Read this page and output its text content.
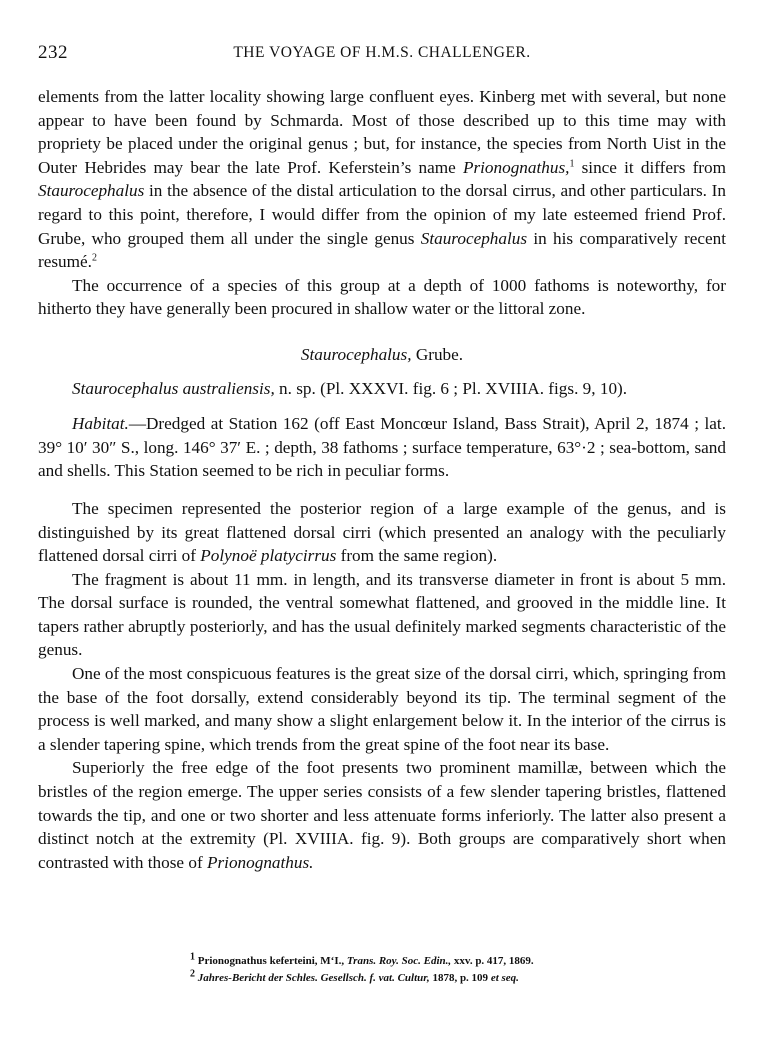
232	THE VOYAGE OF H.M.S. CHALLENGER.

elements from the latter locality showing large confluent eyes. Kinberg met with several, but none appear to have been found by Schmarda. Most of those described up to this time may with propriety be placed under the original genus ; but, for instance, the species from North Uist in the Outer Hebrides may bear the late Prof. Keferstein’s name Prionognathus,$^1$ since it differs from Staurocephalus in the absence of the distal articulation to the dorsal cirrus, and other particulars. In regard to this point, therefore, I would differ from the opinion of my late esteemed friend Prof. Grube, who grouped them all under the single genus Staurocephalus in his comparatively recent resumé.$^2$

The occurrence of a species of this group at a depth of 1000 fathoms is noteworthy, for hitherto they have generally been procured in shallow water or the littoral zone.

Staurocephalus, Grube.

Staurocephalus australiensis, n. sp. (Pl. XXXVI. fig. 6 ; Pl. XVIIIA. figs. 9, 10).

Habitat.—Dredged at Station 162 (off East Moncœur Island, Bass Strait), April 2, 1874 ; lat. 39° 10′ 30″ S., long. 146° 37′ E. ; depth, 38 fathoms ; surface temperature, 63°·2 ; sea-bottom, sand and shells. This Station seemed to be rich in peculiar forms.

The specimen represented the posterior region of a large example of the genus, and is distinguished by its great flattened dorsal cirri (which presented an analogy with the peculiarly flattened dorsal cirri of Polynoë platycirrus from the same region).

The fragment is about 11 mm. in length, and its transverse diameter in front is about 5 mm. The dorsal surface is rounded, the ventral somewhat flattened, and grooved in the middle line. It tapers rather abruptly posteriorly, and has the usual definitely marked segments characteristic of the genus.

One of the most conspicuous features is the great size of the dorsal cirri, which, springing from the base of the foot dorsally, extend considerably beyond its tip. The terminal segment of the process is well marked, and many show a slight enlargement below it. In the interior of the cirrus is a slender tapering spine, which trends from the great spine of the foot near its base.

Superiorly the free edge of the foot presents two prominent mamillæ, between which the bristles of the region emerge. The upper series consists of a few slender tapering bristles, flattened towards the tip, and one or two shorter and less attenuate forms inferiorly. The latter also present a distinct notch at the extremity (Pl. XVIIIA. fig. 9). Both groups are comparatively short when contrasted with those of Prionognathus.

$^1$ Prionognathus keferteini, M‘I., Trans. Roy. Soc. Edin., xxv. p. 417, 1869.

$^2$ Jahres-Bericht der Schles. Gesellsch. f. vat. Cultur, 1878, p. 109 et seq.
